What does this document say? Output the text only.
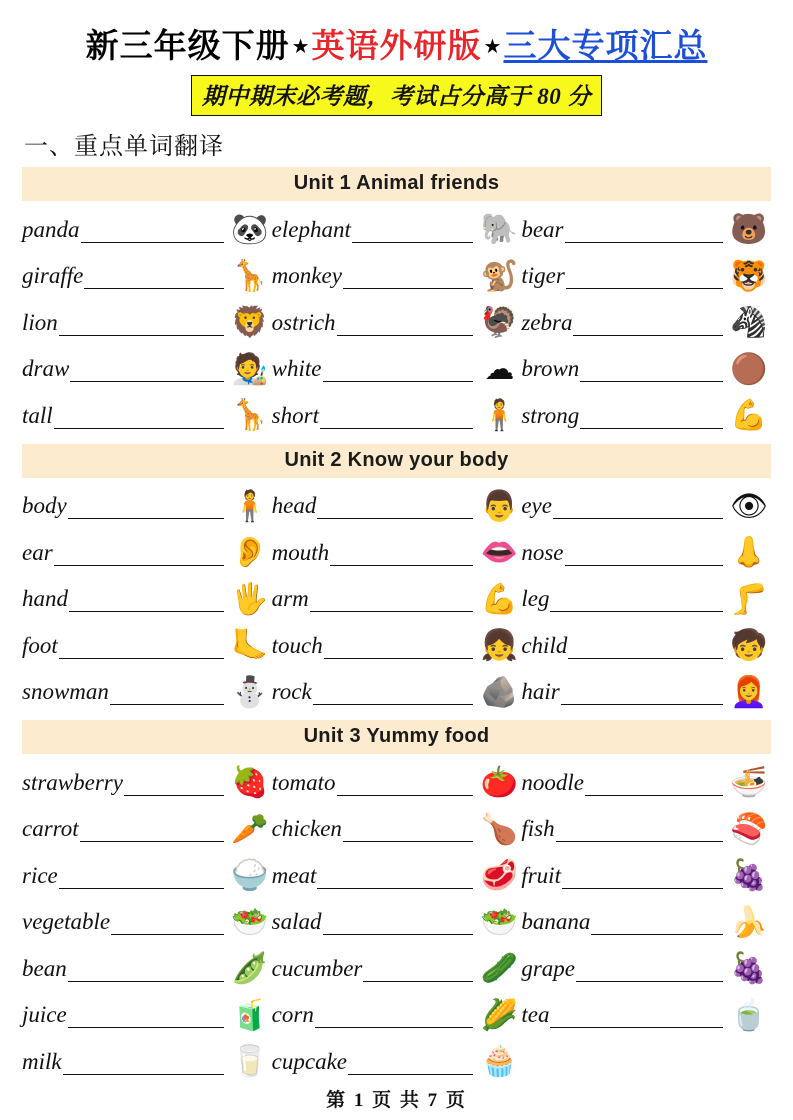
新三年级下册 ★ 英语外研版 ★ 三大专项汇总
期中期末必考题，考试占分高于 80 分
一、重点单词翻译
Unit 1 Animal friends
panda	🐼 elephant	🐘 bear	🐻
giraffe	🦒 monkey	🐒 tiger	🐯
lion	🦁 ostrich	🦃 zebra	🦓
draw	🧑‍🎨 white	☁ brown	🟤
tall	🦒 short	🧍 strong	💪
Unit 2 Know your body
body	🧍 head	👨 eye	👁
ear	👂 mouth	👄 nose	👃
hand	🖐 arm	💪 leg	🦵
foot	🦶 touch	👧 child	🧒
snowman	⛄ rock	🪨 hair	👩‍🦰
Unit 3 Yummy food
strawberry	🍓 tomato	🍅 noodle	🍜
carrot	🥕 chicken	🍗 fish	🍣
rice	🍚 meat	🥩 fruit	🍇
vegetable	🥗 salad	🥗 banana	🍌
bean	🫛 cucumber	🥒 grape	🍇
juice	🧃 corn	🌽 tea	🍵
milk	🥛 cupcake	🧁
第 1 页 共 7 页
